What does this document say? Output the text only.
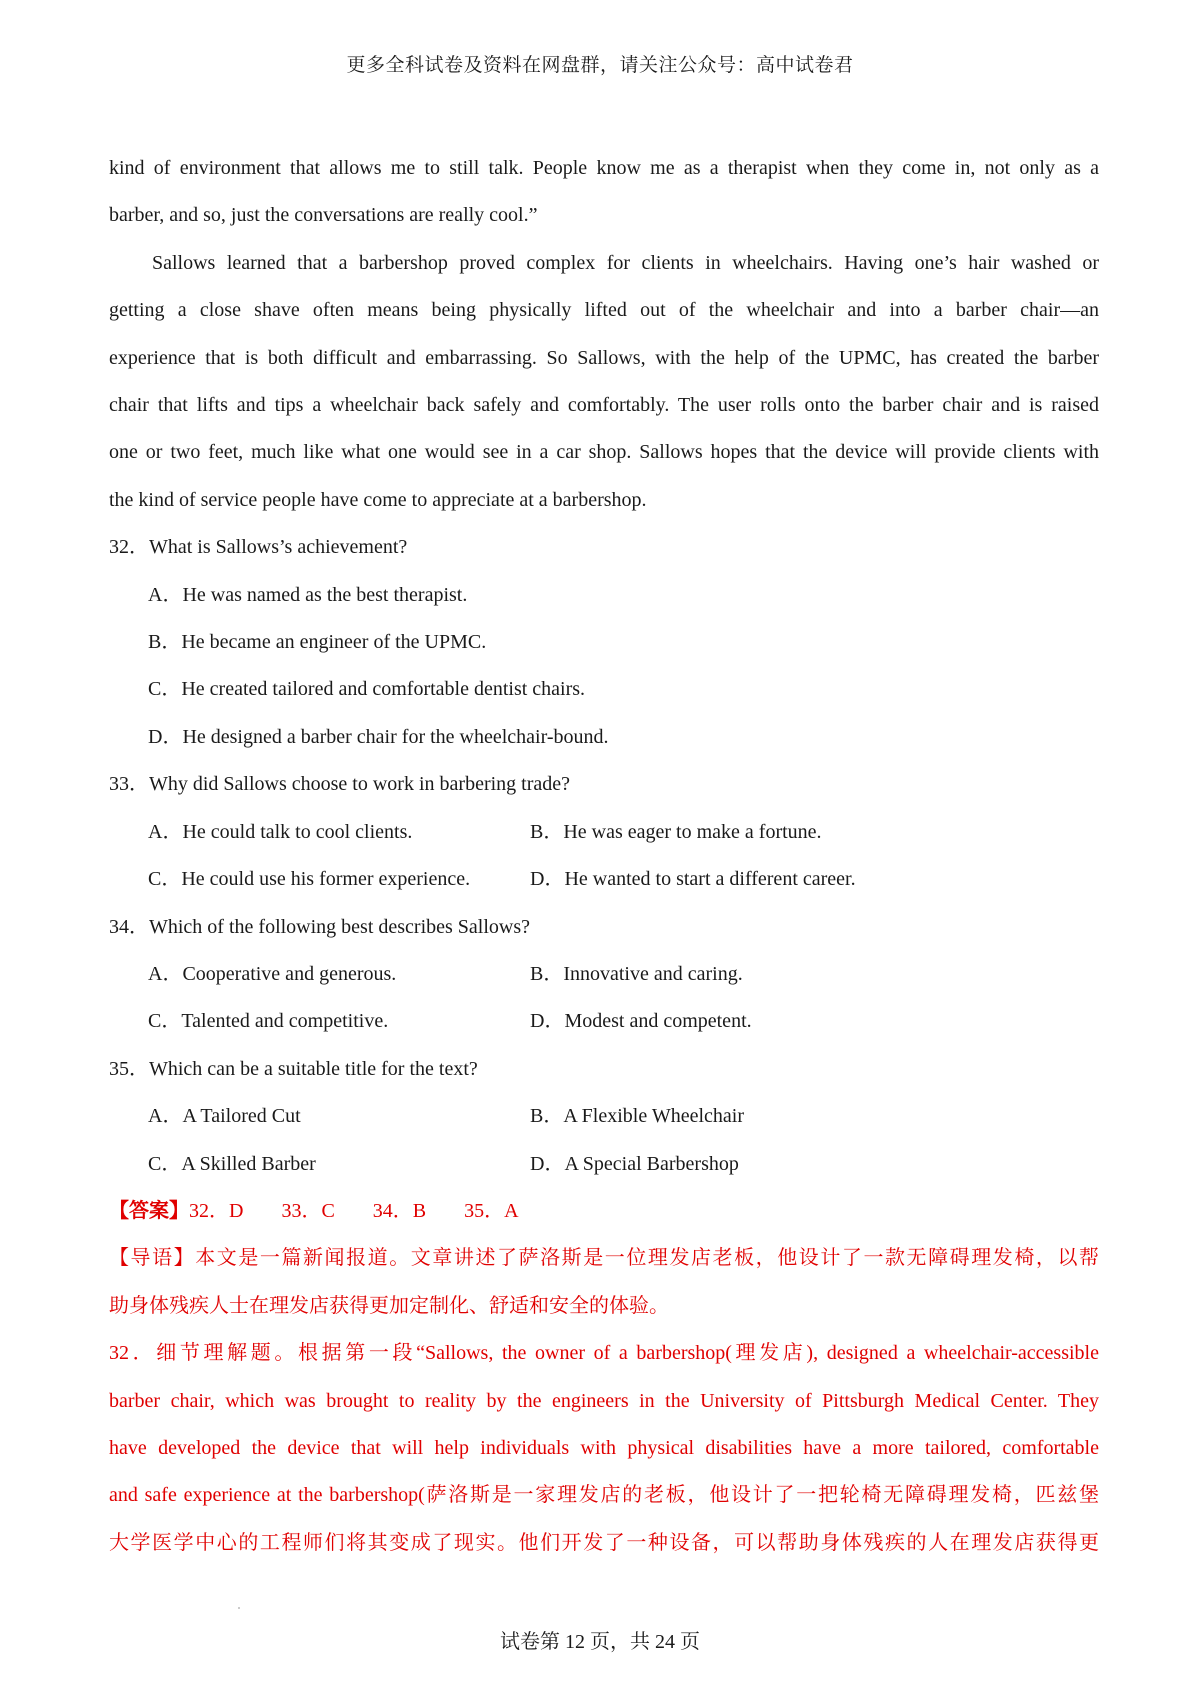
更多全科试卷及资料在网盘群，请关注公众号：高中试卷君

kind of environment that allows me to still talk. People know me as a therapist when they come in, not only as a

barber, and so, just the conversations are really cool.”

Sallows learned that a barbershop proved complex for clients in wheelchairs. Having one’s hair washed or

getting a close shave often means being physically lifted out of the wheelchair and into a barber chair—an

experience that is both difficult and embarrassing. So Sallows, with the help of the UPMC, has created the barber

chair that lifts and tips a wheelchair back safely and comfortably. The user rolls onto the barber chair and is raised

one or two feet, much like what one would see in a car shop. Sallows hopes that the device will provide clients with

the kind of service people have come to appreciate at a barbershop.

32．What is Sallows’s achievement?

A．He was named as the best therapist.

B．He became an engineer of the UPMC.

C．He created tailored and comfortable dentist chairs.

D．He designed a barber chair for the wheelchair-bound.

33．Why did Sallows choose to work in barbering trade?

A．He could talk to cool clients.	B．He was eager to make a fortune.
C．He could use his former experience.	D．He wanted to start a different career.

34．Which of the following best describes Sallows?

A．Cooperative and generous.	B．Innovative and caring.
C．Talented and competitive.	D．Modest and competent.

35．Which can be a suitable title for the text?

A．A Tailored Cut	B．A Flexible Wheelchair
C．A Skilled Barber	D．A Special Barbershop

【答案】32．D 33．C 34．B 35．A

【导语】本文是一篇新闻报道。文章讲述了萨洛斯是一位理发店老板，他设计了一款无障碍理发椅，以帮

助身体残疾人士在理发店获得更加定制化、舒适和安全的体验。

32．细节理解题。根据第一段“Sallows, the owner of a barbershop(理发店), designed a wheelchair-accessible

barber chair, which was brought to reality by the engineers in the University of Pittsburgh Medical Center. They

have developed the device that will help individuals with physical disabilities have a more tailored, comfortable

and safe experience at the barbershop(萨洛斯是一家理发店的老板，他设计了一把轮椅无障碍理发椅，匹兹堡

大学医学中心的工程师们将其变成了现实。他们开发了一种设备，可以帮助身体残疾的人在理发店获得更

试卷第 12 页，共 24 页
